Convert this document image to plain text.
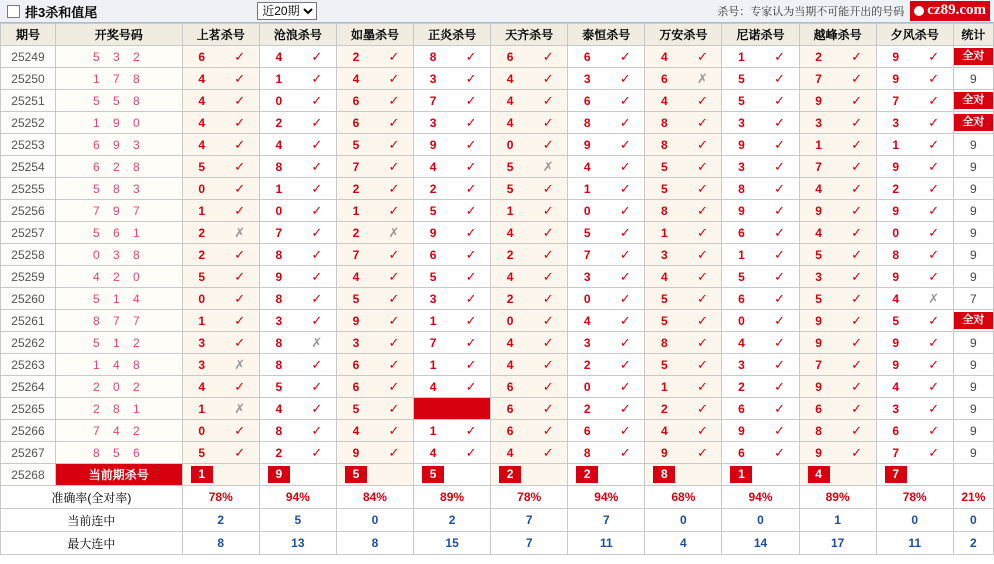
排3杀和值尾
近20期	杀号：专家认为当期不可能开出的号码 cz89.com
期号	开奖号码	上茗杀号	沧浪杀号	如墨杀号	正炎杀号	天齐杀号	泰恒杀号	万安杀号	尼诺杀号	越峰杀号	夕风杀号	统计
25249	5 3 2	6	✓	4	✓	2	✓	8	✓	6	✓	6	✓	4	✓	1	✓	2	✓	9	✓	全对

25250	1 7 8	4	✓	1	✓	4	✓	3	✓	4	✓	3	✓	6	✗	5	✓	7	✓	9	✓	9
25251	5 5 8	4	✓	0	✓	6	✓	7	✓	4	✓	6	✓	4	✓	5	✓	9	✓	7	✓	全对

25252	1 9 0	4	✓	2	✓	6	✓	3	✓	4	✓	8	✓	8	✓	3	✓	3	✓	3	✓	全对

25253	6 9 3	4	✓	4	✓	5	✓	9	✓	0	✓	9	✓	8	✓	9	✓	1	✓	1	✓	9
25254	6 2 8	5	✓	8	✓	7	✓	4	✓	5	✗	4	✓	5	✓	3	✓	7	✓	9	✓	9
25255	5 8 3	0	✓	1	✓	2	✓	2	✓	5	✓	1	✓	5	✓	8	✓	4	✓	2	✓	9
25256	7 9 7	1	✓	0	✓	1	✓	5	✓	1	✓	0	✓	8	✓	9	✓	9	✓	9	✓	9
25257	5 6 1	2	✗	7	✓	2	✗	9	✓	4	✓	5	✓	1	✓	6	✓	4	✓	0	✓	9
25258	0 3 8	2	✓	8	✓	7	✓	6	✓	2	✓	7	✓	3	✓	1	✓	5	✓	8	✓	9
25259	4 2 0	5	✓	9	✓	4	✓	5	✓	4	✓	3	✓	4	✓	5	✓	3	✓	9	✓	9
25260	5 1 4	0	✓	8	✓	5	✓	3	✓	2	✓	0	✓	5	✓	6	✓	5	✓	4	✗	7
25261	8 7 7	1	✓	3	✓	9	✓	1	✓	0	✓	4	✓	5	✓	0	✓	9	✓	5	✓	全对

25262	5 1 2	3	✓	8	✗	3	✓	7	✓	4	✓	3	✓	8	✓	4	✓	9	✓	9	✓	9
25263	1 4 8	3	✗	8	✓	6	✓	1	✓	4	✓	2	✓	5	✓	3	✓	7	✓	9	✓	9
25264	2 0 2	4	✓	5	✓	6	✓	4	✓	6	✓	0	✓	1	✓	2	✓	9	✓	4	✓	9
25265	2 8 1	1	✗	4	✓	5	✓		6	✓	2	✓	2	✓	6	✓	6	✓	3	✓	9
25266	7 4 2	0	✓	8	✓	4	✓	1	✓	6	✓	6	✓	4	✓	9	✓	8	✓	6	✓	9
25267	8 5 6	5	✓	2	✓	9	✓	4	✓	4	✓	8	✓	9	✓	6	✓	9	✓	7	✓	9
25268	当前期杀号	1	9	5	5	2	2	8	1	4	7	

准确率(全对率)		78%	94%	84%	89%	78%	94%	68%	94%	89%	78%	21%
当前连中		2	5	0	2	7	7	0	0	1	0	0
最大连中		8	13	8	15	7	11	4	14	17	11	2
